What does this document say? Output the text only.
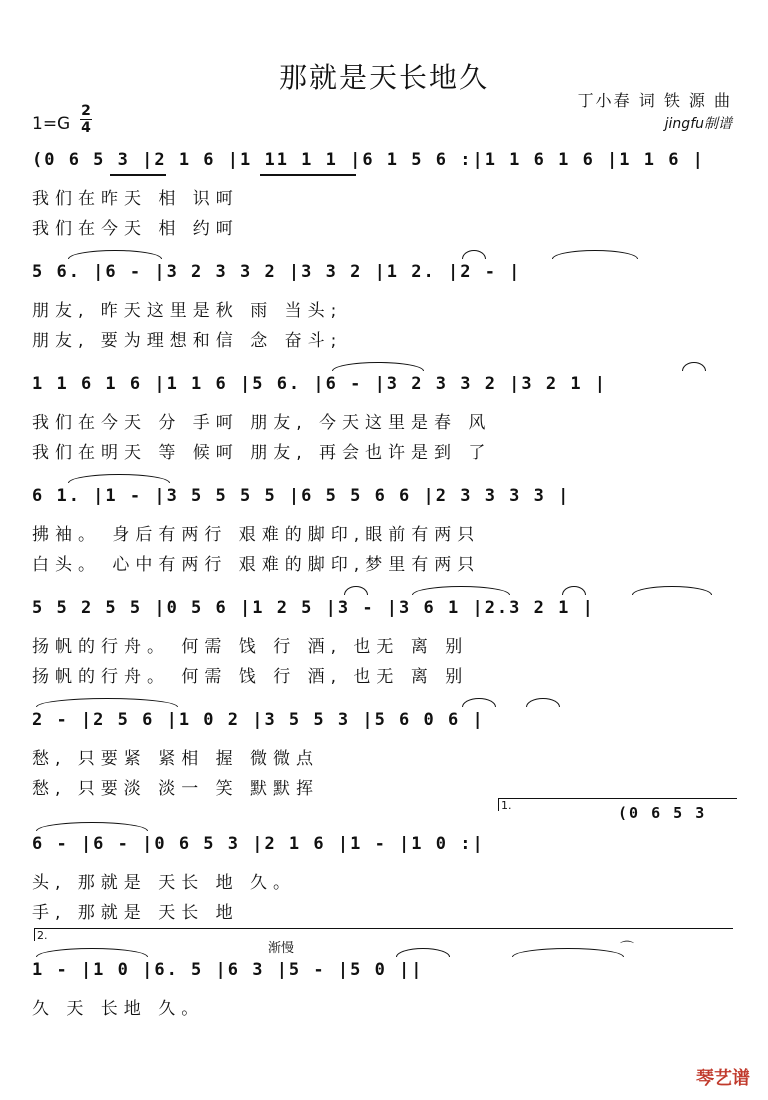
那就是天长地久
丁小春 词 铁 源 曲
jingfu制谱
1=G
2
4
(0 6 5 3 |2 1 6 |1 11 1 1 |6 1 5 6 :|1 1 6 1 6 |1 1 6 |
我们在昨天 相 识呵
我们在今天 相 约呵
5 6. |6 - |3 2 3 3 2 |3 3 2 |1 2. |2 - |
朋友, 昨天这里是秋 雨 当头;
朋友, 要为理想和信 念 奋斗;
1 1 6 1 6 |1 1 6 |5 6. |6 - |3 2 3 3 2 |3 2 1 |
我们在今天 分 手呵 朋友, 今天这里是春 风
我们在明天 等 候呵 朋友, 再会也许是到 了
6 1. |1 - |3 5 5 5 5 |6 5 5 6 6 |2 3 3 3 3 |
拂袖。 身后有两行 艰难的脚印,眼前有两只
白头。 心中有两行 艰难的脚印,梦里有两只
5 5 2 5 5 |0 5 6 |1 2 5 |3 - |3 6 1 |2.3 2 1 |
扬帆的行舟。 何需 饯 行 酒, 也无 离 别
扬帆的行舟。 何需 饯 行 酒, 也无 离 别
2 - |2 5 6 |1 0 2 |3 5 5 3 |5 6 0 6 |
愁, 只要紧 紧相 握 微微点
愁, 只要淡 淡一 笑 默默挥
6 - |6 - |0 6 5 3 |2 1 6 |1 - |1 0 :|
头, 那就是 天长 地 久。
手, 那就是 天长 地
1.	(0 6 5 3
1 - |1 0 |6. 5 |6 3 |5 - |5 0 ||
久 天 长地 久。
2.
渐慢	⌒
琴艺谱
